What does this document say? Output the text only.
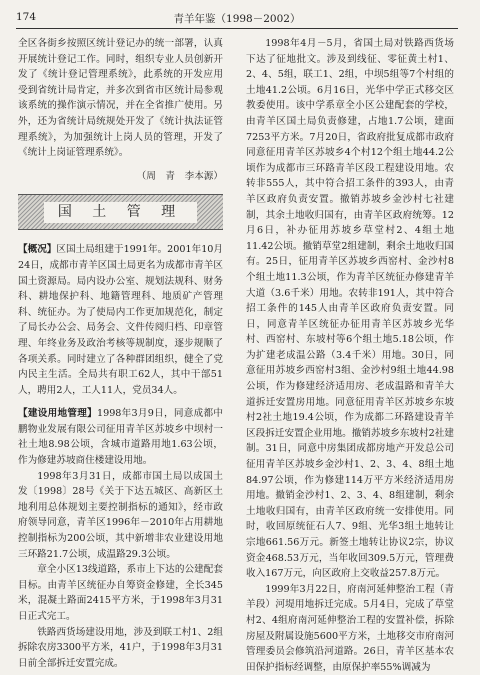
174	青羊年鉴（1998－2002）

全区各街乡按照区统计登记办的统一部署，认真开展统计登记工作。同时，组织专业人员创新开发了《统计登记管理系统》，此系统的开发应用受到省统计局肯定，并多次到省市区统计局参观该系统的操作演示情况，并在全省推广使用。另外，还为省统计局统规处开发了《统计执法证管理系统》，为加强统计上岗人员的管理，开发了《统计上岗证管理系统》。

（周　青　李本源）
国 土 管 理

【概况】区国土局组建于1991年。2001年10月24日，成都市青羊区国土局更名为成都市青羊区国土资源局。局内设办公室、规划法规科、财务科、耕地保护科、地籍管理科、地质矿产管理科、统征办。为了使局内工作更加规范化，制定了局长办公会、局务会、文件传阅归档、印章管理、年终业务及政治考核等规制度，逐步规顺了各项关系。同时建立了各种群团组织，健全了党内民主生活。全局共有职工62人，其中干部51人，聘用2人，工人11人，党员34人。

【建设用地管理】1998年3月9日，同意成都中鹏物业发展有限公司征用青羊区苏坡乡中坝村一社土地8.98公顷，含城市道路用地1.63公顷，作为修建苏坡商住楼建设用地。

1998年3月31日，成都市国土局以成国土发〔1998〕28号《关于下达五城区、高新区土地利用总体规划主要控制指标的通知》，经市政府领导同意，青羊区1996年－2010年占用耕地控制指标为200公顷，其中新增非农业建设用地三环路21.7公顷，成温路29.3公顷。

章全小区13线道路，系市上下达的公建配套目标。由青羊区统征办自筹资金修建，全长345米，混凝土路面2415平方米，于1998年3月31日正式完工。

铁路西货场建设用地，涉及到联工村1、2组拆除农房3300平方米，41户，于1998年3月31日前全部拆迁安置完成。

1998年4月－5月，省国土局对铁路西货场下达了征地批文。涉及到线征、零征黄土村1、2、4、5组，联工1、2组，中坝5组等7个村组的土地41.2公顷。6月16日，光华中学正式移交区教委使用。该中学系章全小区公建配套的学校，由青羊区国土局负责修建，占地1.7公顷，建面7253平方米。7月20日，省政府批复成都市政府同意征用青羊区苏坡乡4个村12个组土地44.2公顷作为成都市三环路青羊区段工程建设用地。农转非555人，其中符合招工条件的393人，由青羊区政府负责安置。撤销苏坡乡金沙村七社建制，其余土地收归国有，由青羊区政府统筹。12月6日，补办征用苏坡乡草堂村2、4组土地11.42公顷。撤销草堂2组建制，剩余土地收归国有。25日，征用青羊区苏坡乡西窑村、金沙村8个组土地11.3公顷，作为青羊区统征办修建青羊大道（3.6千米）用地。农转非191人，其中符合招工条件的145人由青羊区政府负责安置。同日，同意青羊区统征办征用青羊区苏坡乡光华村、西窑村、东坡村等6个组土地5.18公顷，作为扩建老成温公路（3.4千米）用地。30日，同意征用苏坡乡西窑村3组、金沙村9组土地44.98公顷，作为修建经济适用房、老成温路和青羊大道拆迁安置房用地。同意征用青羊区苏坡乡东坡村2社土地19.4公顷，作为成都二环路建设青羊区段拆迁安置企业用地。撤销苏坡乡东坡村2社建制。31日，同意中房集团成都房地产开发总公司征用青羊区苏坡乡金沙村1、2、3、4、8组土地84.97公顷，作为修建114万平方米经济适用房用地。撤销金沙村1、2、3、4、8组建制，剩余土地收归国有，由青羊区政府统一安排使用。同时，收回原统征石人7、9组、光华3组土地转让宗地661.56万元。新签土地转让协议2宗，协议资金468.53万元，当年收回309.5万元，管理费收入167万元，向区政府上交收益257.8万元。

1999年3月22日，府南河延伸整治工程（青羊段）河堤用地拆迁完成。5月4日，完成了草堂村2、4组府南河延伸整治工程的安置补偿，拆除房屋及附属设施5600平方米，土地移交市府南河管理委员会修筑沿河道路。26日，青羊区基本农田保护指标经调整，由原保护率55%调减为
